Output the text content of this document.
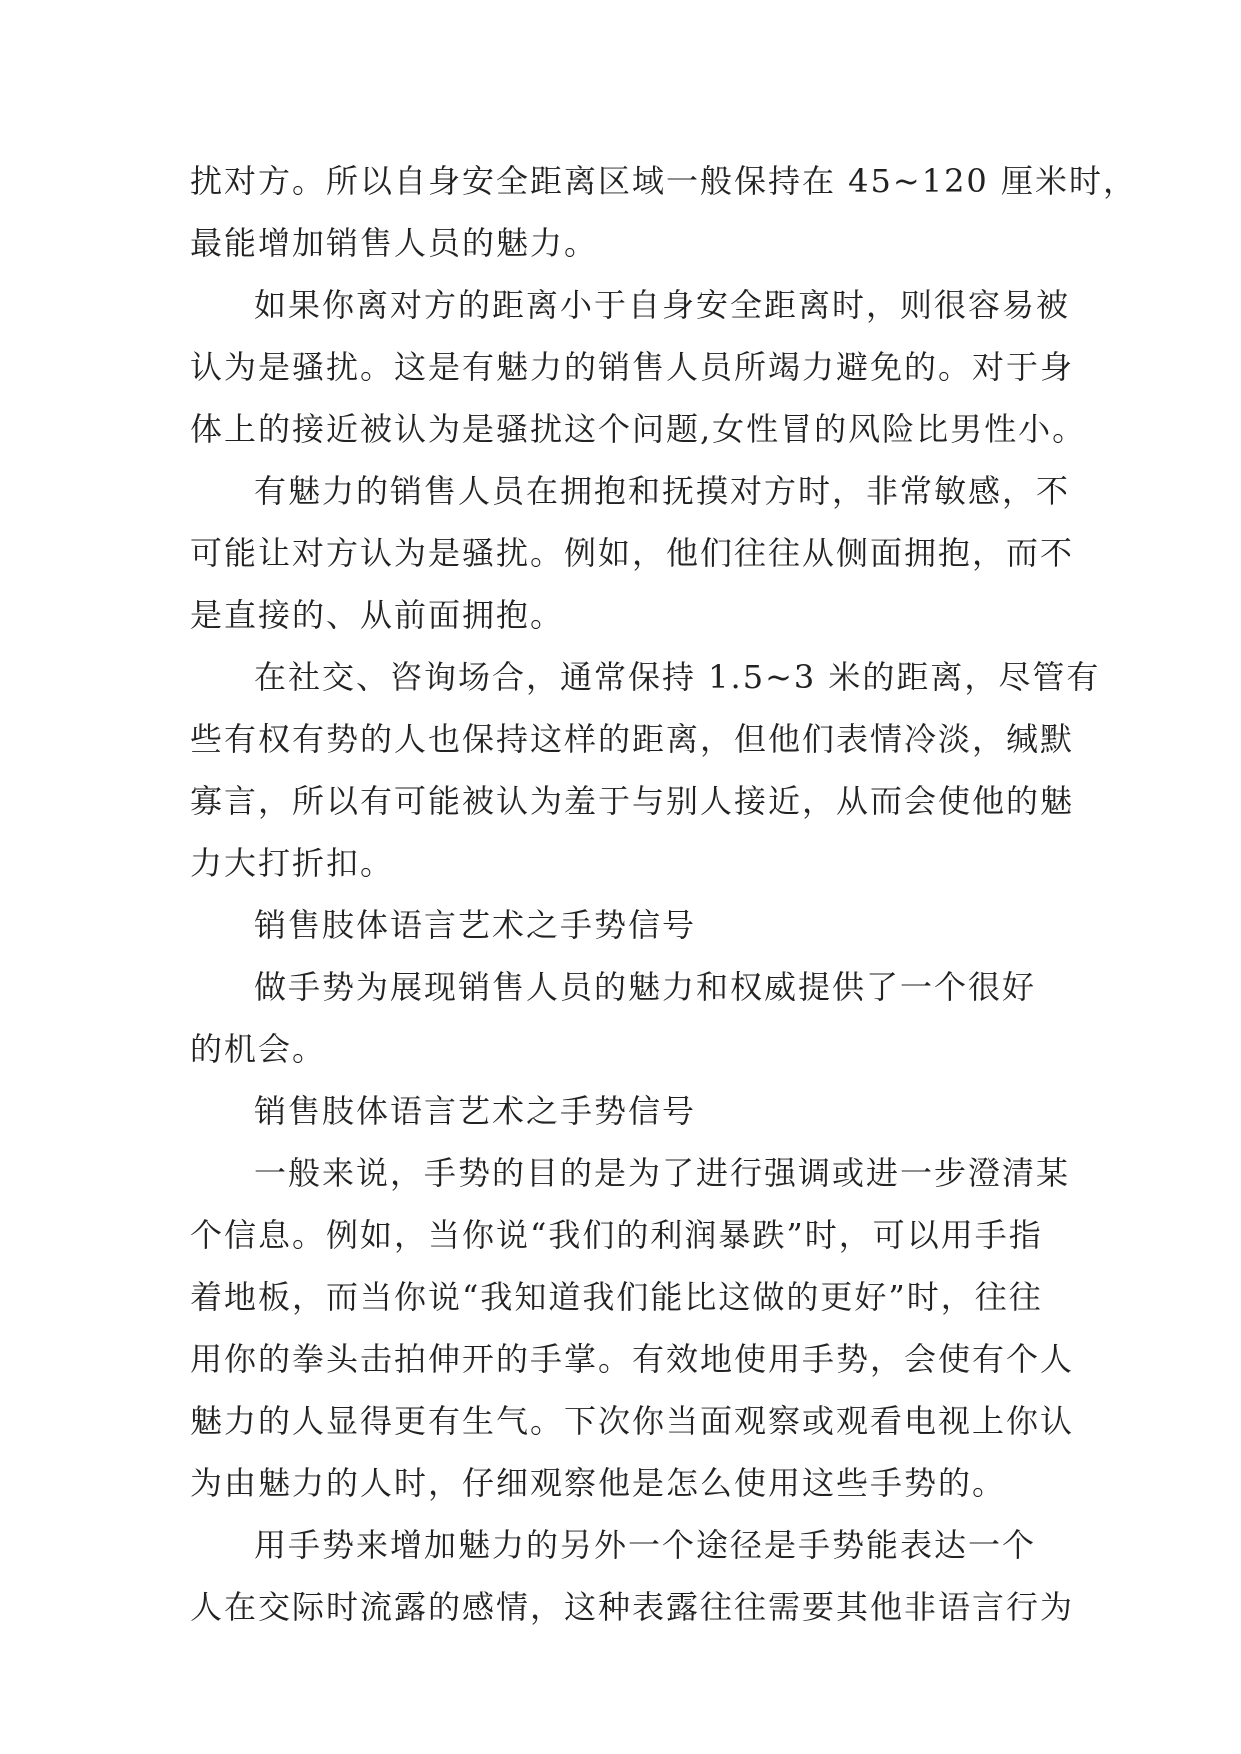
扰对方。所以自身安全距离区域一般保持在 45~120 厘米时，
最能增加销售人员的魅力。
如果你离对方的距离小于自身安全距离时，则很容易被
认为是骚扰。这是有魅力的销售人员所竭力避免的。对于身
体上的接近被认为是骚扰这个问题,女性冒的风险比男性小。
有魅力的销售人员在拥抱和抚摸对方时，非常敏感，不
可能让对方认为是骚扰。例如，他们往往从侧面拥抱，而不
是直接的、从前面拥抱。
在社交、咨询场合，通常保持 1.5~3 米的距离，尽管有
些有权有势的人也保持这样的距离，但他们表情冷淡，缄默
寡言，所以有可能被认为羞于与别人接近，从而会使他的魅
力大打折扣。
销售肢体语言艺术之手势信号
做手势为展现销售人员的魅力和权威提供了一个很好
的机会。
销售肢体语言艺术之手势信号
一般来说，手势的目的是为了进行强调或进一步澄清某
个信息。例如，当你说“我们的利润暴跌”时，可以用手指
着地板，而当你说“我知道我们能比这做的更好”时，往往
用你的拳头击拍伸开的手掌。有效地使用手势，会使有个人
魅力的人显得更有生气。下次你当面观察或观看电视上你认
为由魅力的人时，仔细观察他是怎么使用这些手势的。
用手势来增加魅力的另外一个途径是手势能表达一个
人在交际时流露的感情，这种表露往往需要其他非语言行为
